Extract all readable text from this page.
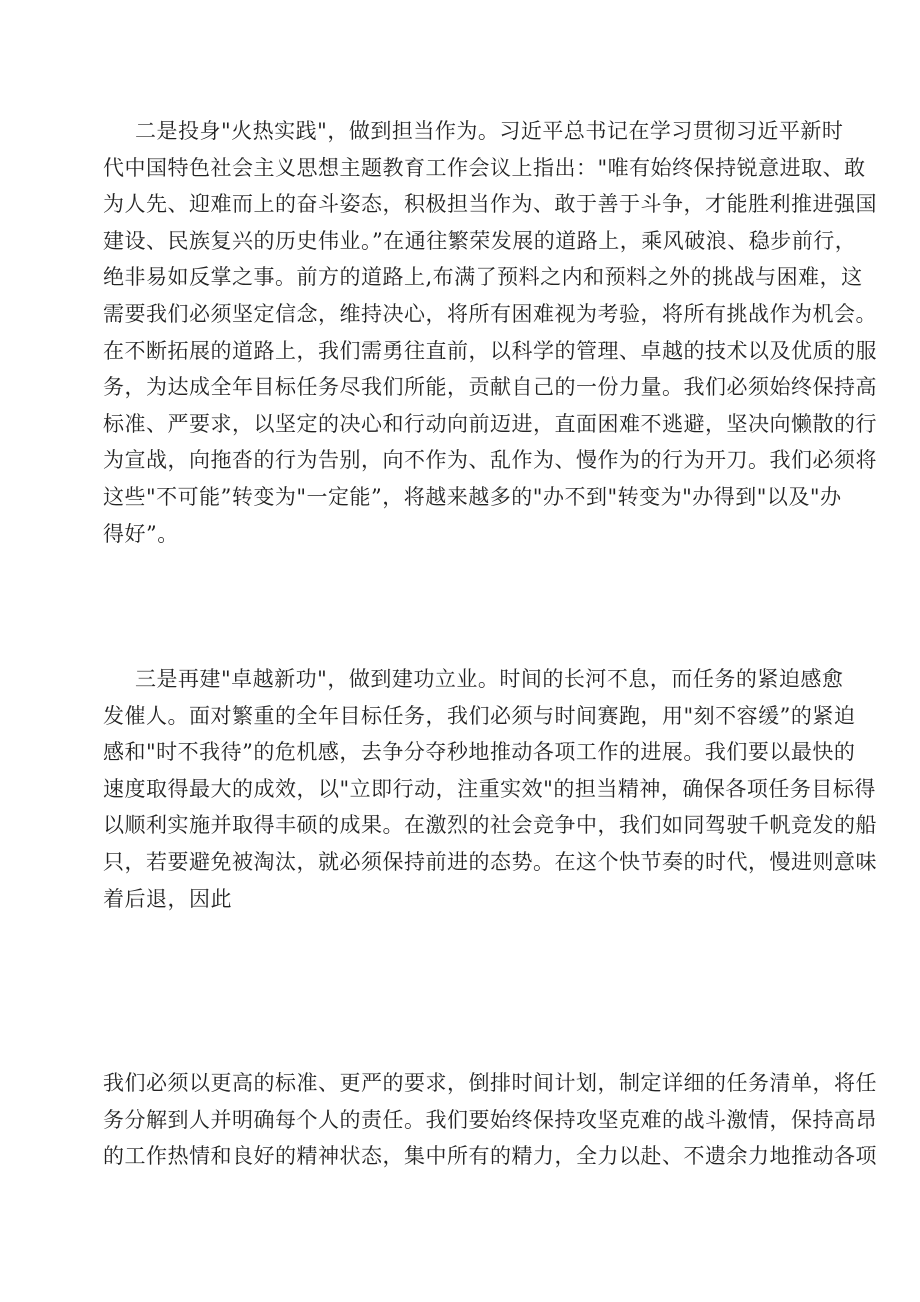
二是投身"火热实践"，做到担当作为。习近平总书记在学习贯彻习近平新时
代中国特色社会主义思想主题教育工作会议上指出："唯有始终保持锐意进取、敢
为人先、迎难而上的奋斗姿态，积极担当作为、敢于善于斗争，才能胜利推进强国
建设、民族复兴的历史伟业。”在通往繁荣发展的道路上，乘风破浪、稳步前行，
绝非易如反掌之事。前方的道路上,布满了预料之内和预料之外的挑战与困难，这
需要我们必须坚定信念，维持决心，将所有困难视为考验，将所有挑战作为机会。
在不断拓展的道路上，我们需勇往直前，以科学的管理、卓越的技术以及优质的服
务，为达成全年目标任务尽我们所能，贡献自己的一份力量。我们必须始终保持高
标准、严要求，以坚定的决心和行动向前迈进，直面困难不逃避，坚决向懒散的行
为宣战，向拖沓的行为告别，向不作为、乱作为、慢作为的行为开刀。我们必须将
这些"不可能”转变为"一定能”，将越来越多的"办不到"转变为"办得到"以及"办
得好”。
三是再建"卓越新功"，做到建功立业。时间的长河不息，而任务的紧迫感愈
发催人。面对繁重的全年目标任务，我们必须与时间赛跑，用"刻不容缓”的紧迫
感和"时不我待”的危机感，去争分夺秒地推动各项工作的进展。我们要以最快的
速度取得最大的成效，以"立即行动，注重实效"的担当精神，确保各项任务目标得
以顺利实施并取得丰硕的成果。在激烈的社会竞争中，我们如同驾驶千帆竞发的船
只，若要避免被淘汰，就必须保持前进的态势。在这个快节奏的时代，慢进则意味
着后退，因此
我们必须以更高的标准、更严的要求，倒排时间计划，制定详细的任务清单，将任
务分解到人并明确每个人的责任。我们要始终保持攻坚克难的战斗激情，保持高昂
的工作热情和良好的精神状态，集中所有的精力，全力以赴、不遗余力地推动各项
